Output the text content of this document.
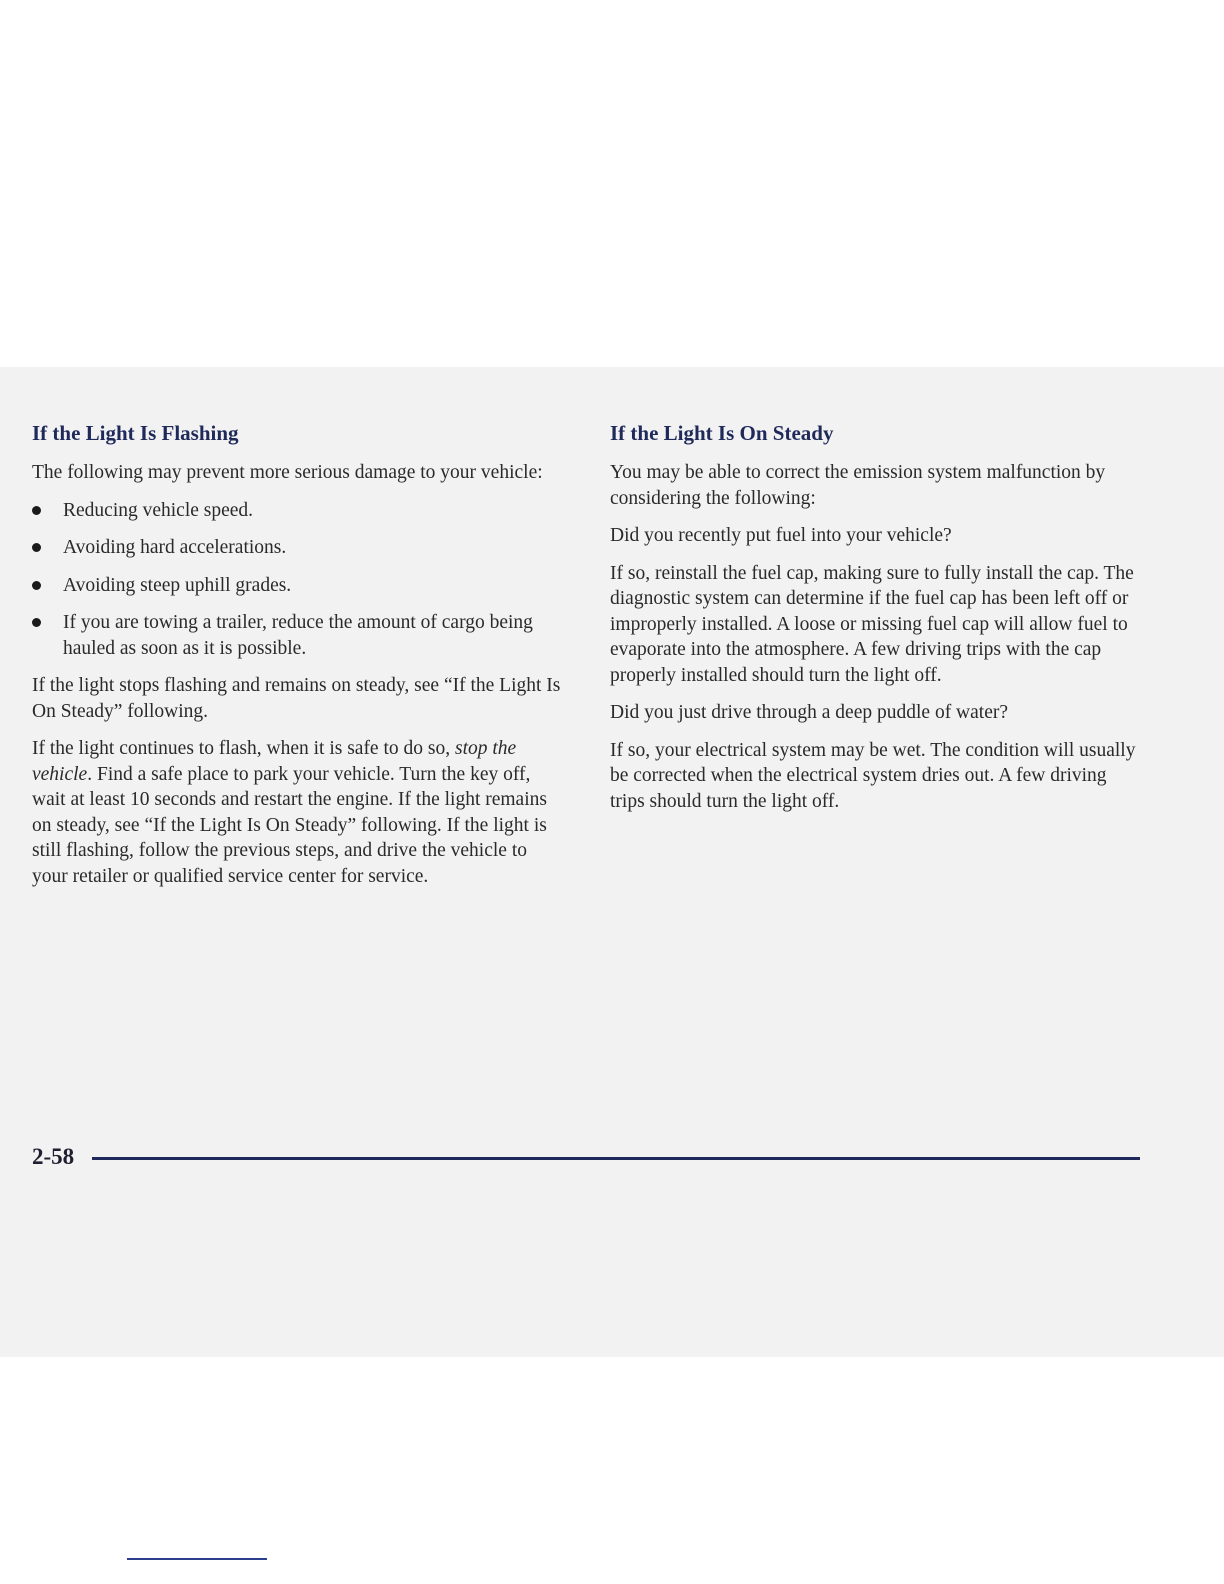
If the Light Is Flashing

The following may prevent more serious damage to your vehicle:

Reducing vehicle speed.
Avoiding hard accelerations.
Avoiding steep uphill grades.
If you are towing a trailer, reduce the amount of cargo being hauled as soon as it is possible.

If the light stops flashing and remains on steady, see “If the Light Is On Steady” following.

If the light continues to flash, when it is safe to do so, stop the vehicle. Find a safe place to park your vehicle. Turn the key off, wait at least 10 seconds and restart the engine. If the light remains on steady, see “If the Light Is On Steady” following. If the light is still flashing, follow the previous steps, and drive the vehicle to your retailer or qualified service center for service.

If the Light Is On Steady

You may be able to correct the emission system malfunction by considering the following:

Did you recently put fuel into your vehicle?

If so, reinstall the fuel cap, making sure to fully install the cap. The diagnostic system can determine if the fuel cap has been left off or improperly installed. A loose or missing fuel cap will allow fuel to evaporate into the atmosphere. A few driving trips with the cap properly installed should turn the light off.

Did you just drive through a deep puddle of water?

If so, your electrical system may be wet. The condition will usually be corrected when the electrical system dries out. A few driving trips should turn the light off.

2-58
